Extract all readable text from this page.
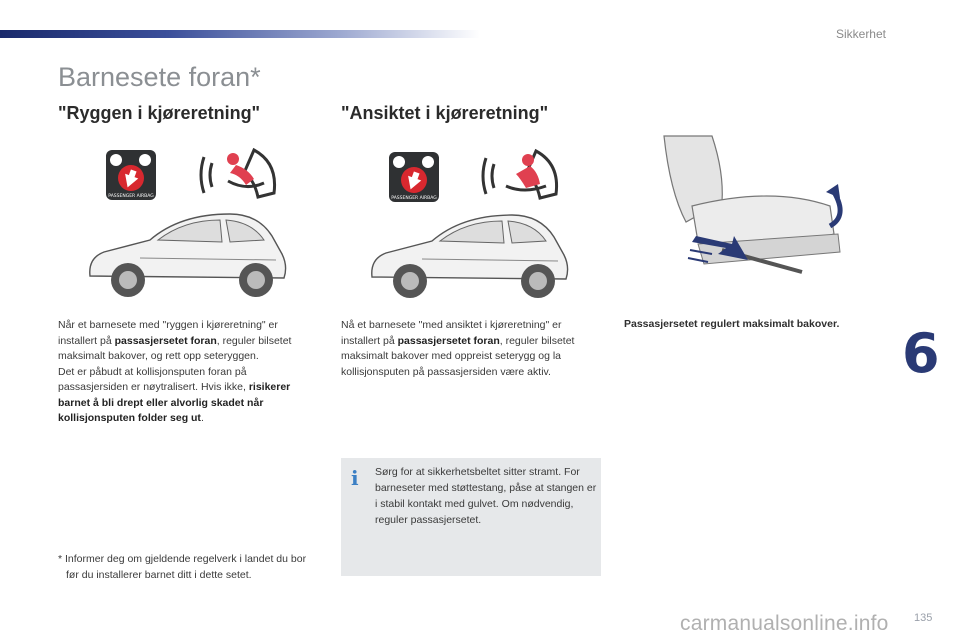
Sikkerhet
Barnesete foran*
"Ryggen i kjøreretning"	"Ansiktet i kjøreretning"
PASSENGER AIRBAG	PASSENGER AIRBAG

Når et barnesete med "ryggen i kjøreretning" er installert på passasjersetet foran, reguler bilsetet maksimalt bakover, og rett opp seteryggen.

Det er påbudt at kollisjonsputen foran på passasjersiden er nøytralisert. Hvis ikke, risikerer barnet å bli drept eller alvorlig skadet når kollisjonsputen folder seg ut.

Nå et barnesete "med ansiktet i kjøreretning" er installert på passasjersetet foran, reguler bilsetet maksimalt bakover med oppreist seterygg og la kollisjonsputen på passasjersiden være aktiv.

Passasjersetet regulert maksimalt bakover.
i	Sørg for at sikkerhetsbeltet sitter stramt. For barneseter med støttestang, påse at stangen er i stabil kontakt med gulvet. Om nødvendig, reguler passasjersetet.

* Informer deg om gjeldende regelverk i landet du bor før du installerer barnet ditt i dette setet.

6
carmanualsonline.info 135
